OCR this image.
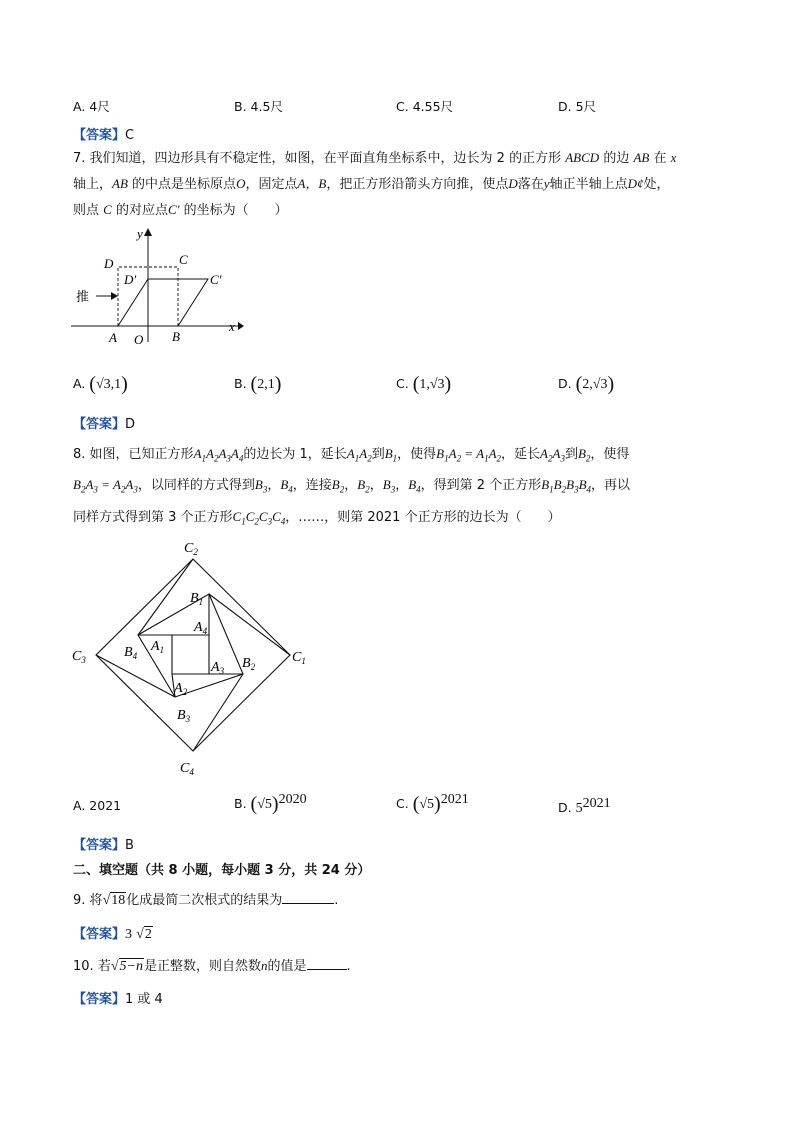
A. 4尺	B. 4.5尺	C. 4.55尺	D. 5尺
【答案】C
7. 我们知道，四边形具有不稳定性，如图，在平面直角坐标系中，边长为 2 的正方形 ABCD 的边 AB 在 x
轴上，AB 的中点是坐标原点O，固定点A，B，把正方形沿箭头方向推，使点D落在y轴正半轴上点D¢处，
则点 C 的对应点C′ 的坐标为（　　）
推
y
D	C
D′	C′
x
A O B
A. (√3,1)	B. (2,1)	C. (1,√3)	D. (2,√3)
【答案】D
8. 如图，已知正方形$A_1A_2A_3A_4$的边长为 1，延长$A_1A_2$到$B_1$，使得$B_1A_2 = A_1A_2$，延长$A_2A_3$到$B_2$，使得
$B_2A_3 = A_2A_3$，以同样的方式得到$B_3$，$B_4$，连接$B_2$，$B_2$，$B_3$，$B_4$，得到第 2 个正方形$B_1B_2B_3B_4$，再以
同样方式得到第 3 个正方形$C_1C_2C_3C_4$，……，则第 2021 个正方形的边长为（　　）
$C_2$
$B_1$
$A_4$
$C_3$	$B_4$
$A_1$
$A_3$ $B_2$
$C_1$
$A_2$
$B_3$
$C_4$
A. 2021	B. $(√5)^{2020}$	C. $(√5)^{2021}$
D. $5^{2021}$
【答案】B
二、填空题（共 8 小题，每小题 3 分，共 24 分）
9. 将√18化成最简二次根式的结果为	.
【答案】3 √2
10. 若√5−n是正整数，则自然数n的值是	.
【答案】1 或 4
